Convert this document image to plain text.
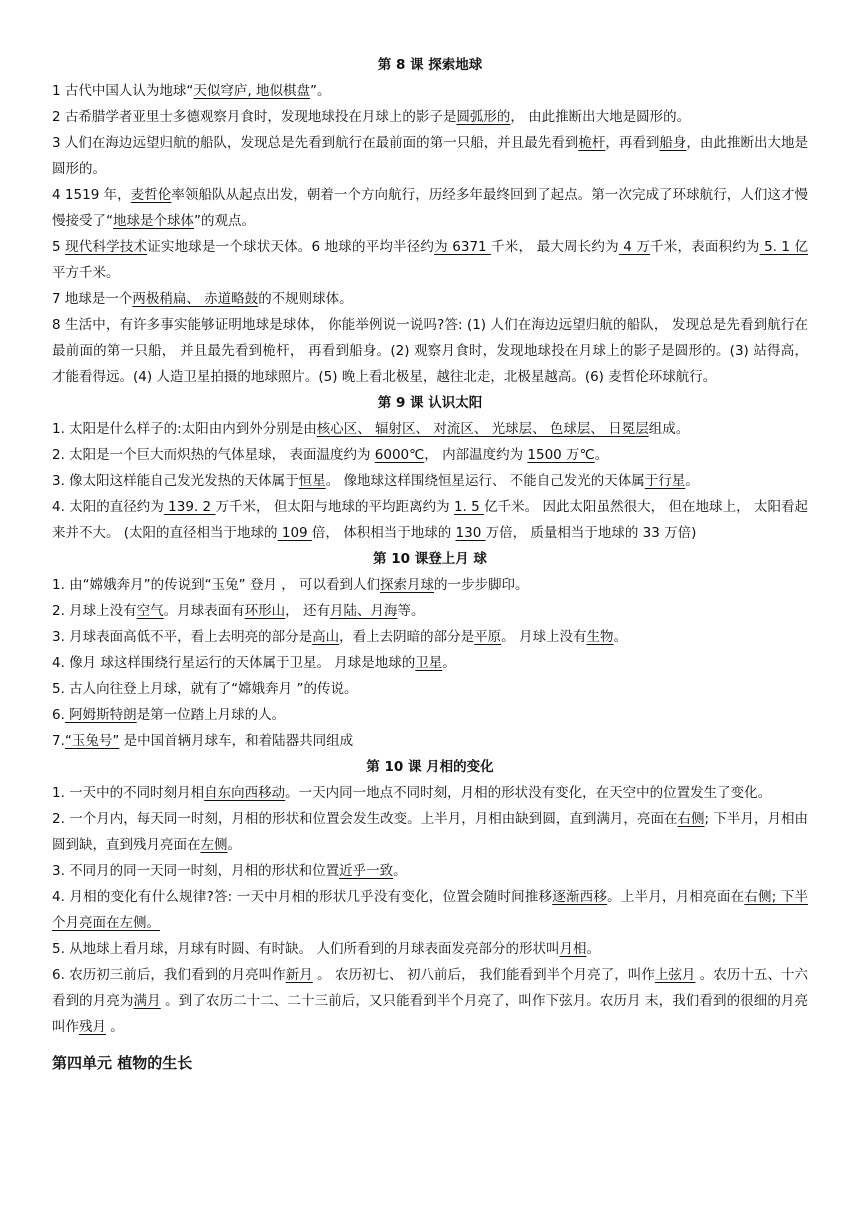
第 8 课 探索地球
1 古代中国人认为地球“天似穹庐, 地似棋盘”。
2 古希腊学者亚里士多德观察月食时，发现地球投在月球上的影子是圆弧形的， 由此推断出大地是圆形的。
3 人们在海边远望归航的船队，发现总是先看到航行在最前面的第一只船，并且最先看到桅杆，再看到船身，由此推断出大地是圆形的。
4 1519 年，麦哲伦率领船队从起点出发，朝着一个方向航行，历经多年最终回到了起点。第一次完成了环球航行，人们这才慢慢接受了“地球是个球体”的观点。
5 现代科学技术证实地球是一个球状天体。6 地球的平均半径约为 6371 千米， 最大周长约为 4 万千米，表面积约为 5. 1 亿平方千米。
7 地球是一个两极稍扁、 赤道略鼓的不规则球体。
8 生活中，有许多事实能够证明地球是球体， 你能举例说一说吗?答: (1) 人们在海边远望归航的船队， 发现总是先看到航行在最前面的第一只船， 并且最先看到桅杆， 再看到船身。(2) 观察月食时，发现地球投在月球上的影子是圆形的。(3) 站得高，才能看得远。(4) 人造卫星拍摄的地球照片。(5) 晚上看北极星，越往北走，北极星越高。(6) 麦哲伦环球航行。
第 9 课 认识太阳
1. 太阳是什么样子的:太阳由内到外分别是由核心区、 辐射区、 对流区、 光球层、 色球层、 日冕层组成。
2. 太阳是一个巨大而炽热的气体星球， 表面温度约为 6000℃， 内部温度约为 1500 万℃。
3. 像太阳这样能自己发光发热的天体属于恒星。 像地球这样围绕恒星运行、 不能自己发光的天体属于行星。
4. 太阳的直径约为 139. 2 万千米， 但太阳与地球的平均距离约为 1. 5 亿千米。 因此太阳虽然很大， 但在地球上， 太阳看起来并不大。 (太阳的直径相当于地球的 109 倍， 体积相当于地球的 130 万倍， 质量相当于地球的 33 万倍)
第 10 课登上月 球
1. 由“嫦娥奔月”的传说到“玉兔” 登月 ， 可以看到人们探索月球的一步步脚印。
2. 月球上没有空气。月球表面有环形山， 还有月陆、月海等。
3. 月球表面高低不平，看上去明亮的部分是高山，看上去阴暗的部分是平原。 月球上没有生物。
4. 像月 球这样围绕行星运行的天体属于卫星。 月球是地球的卫星。
5. 古人向往登上月球，就有了“嫦娥奔月 ”的传说。
6. 阿姆斯特朗是第一位踏上月球的人。
7.“玉兔号” 是中国首辆月球车，和着陆器共同组成
第 10 课 月相的变化
1. 一天中的不同时刻月相自东向西移动。一天内同一地点不同时刻，月相的形状没有变化，在天空中的位置发生了变化。
2. 一个月内，每天同一时刻，月相的形状和位置会发生改变。上半月，月相由缺到圆，直到满月，亮面在右侧; 下半月，月相由圆到缺，直到残月亮面在左侧。
3. 不同月的同一天同一时刻，月相的形状和位置近乎一致。
4. 月相的变化有什么规律?答: 一天中月相的形状几乎没有变化，位置会随时间推移逐渐西移。上半月，月相亮面在右侧; 下半个月亮面在左侧。
5. 从地球上看月球，月球有时圆、有时缺。 人们所看到的月球表面发亮部分的形状叫月相。
6. 农历初三前后，我们看到的月亮叫作新月 。 农历初七、 初八前后， 我们能看到半个月亮了，叫作上弦月 。农历十五、十六看到的月亮为满月 。到了农历二十二、二十三前后，又只能看到半个月亮了，叫作下弦月。农历月 末，我们看到的很细的月亮叫作残月 。
第四单元 植物的生长
